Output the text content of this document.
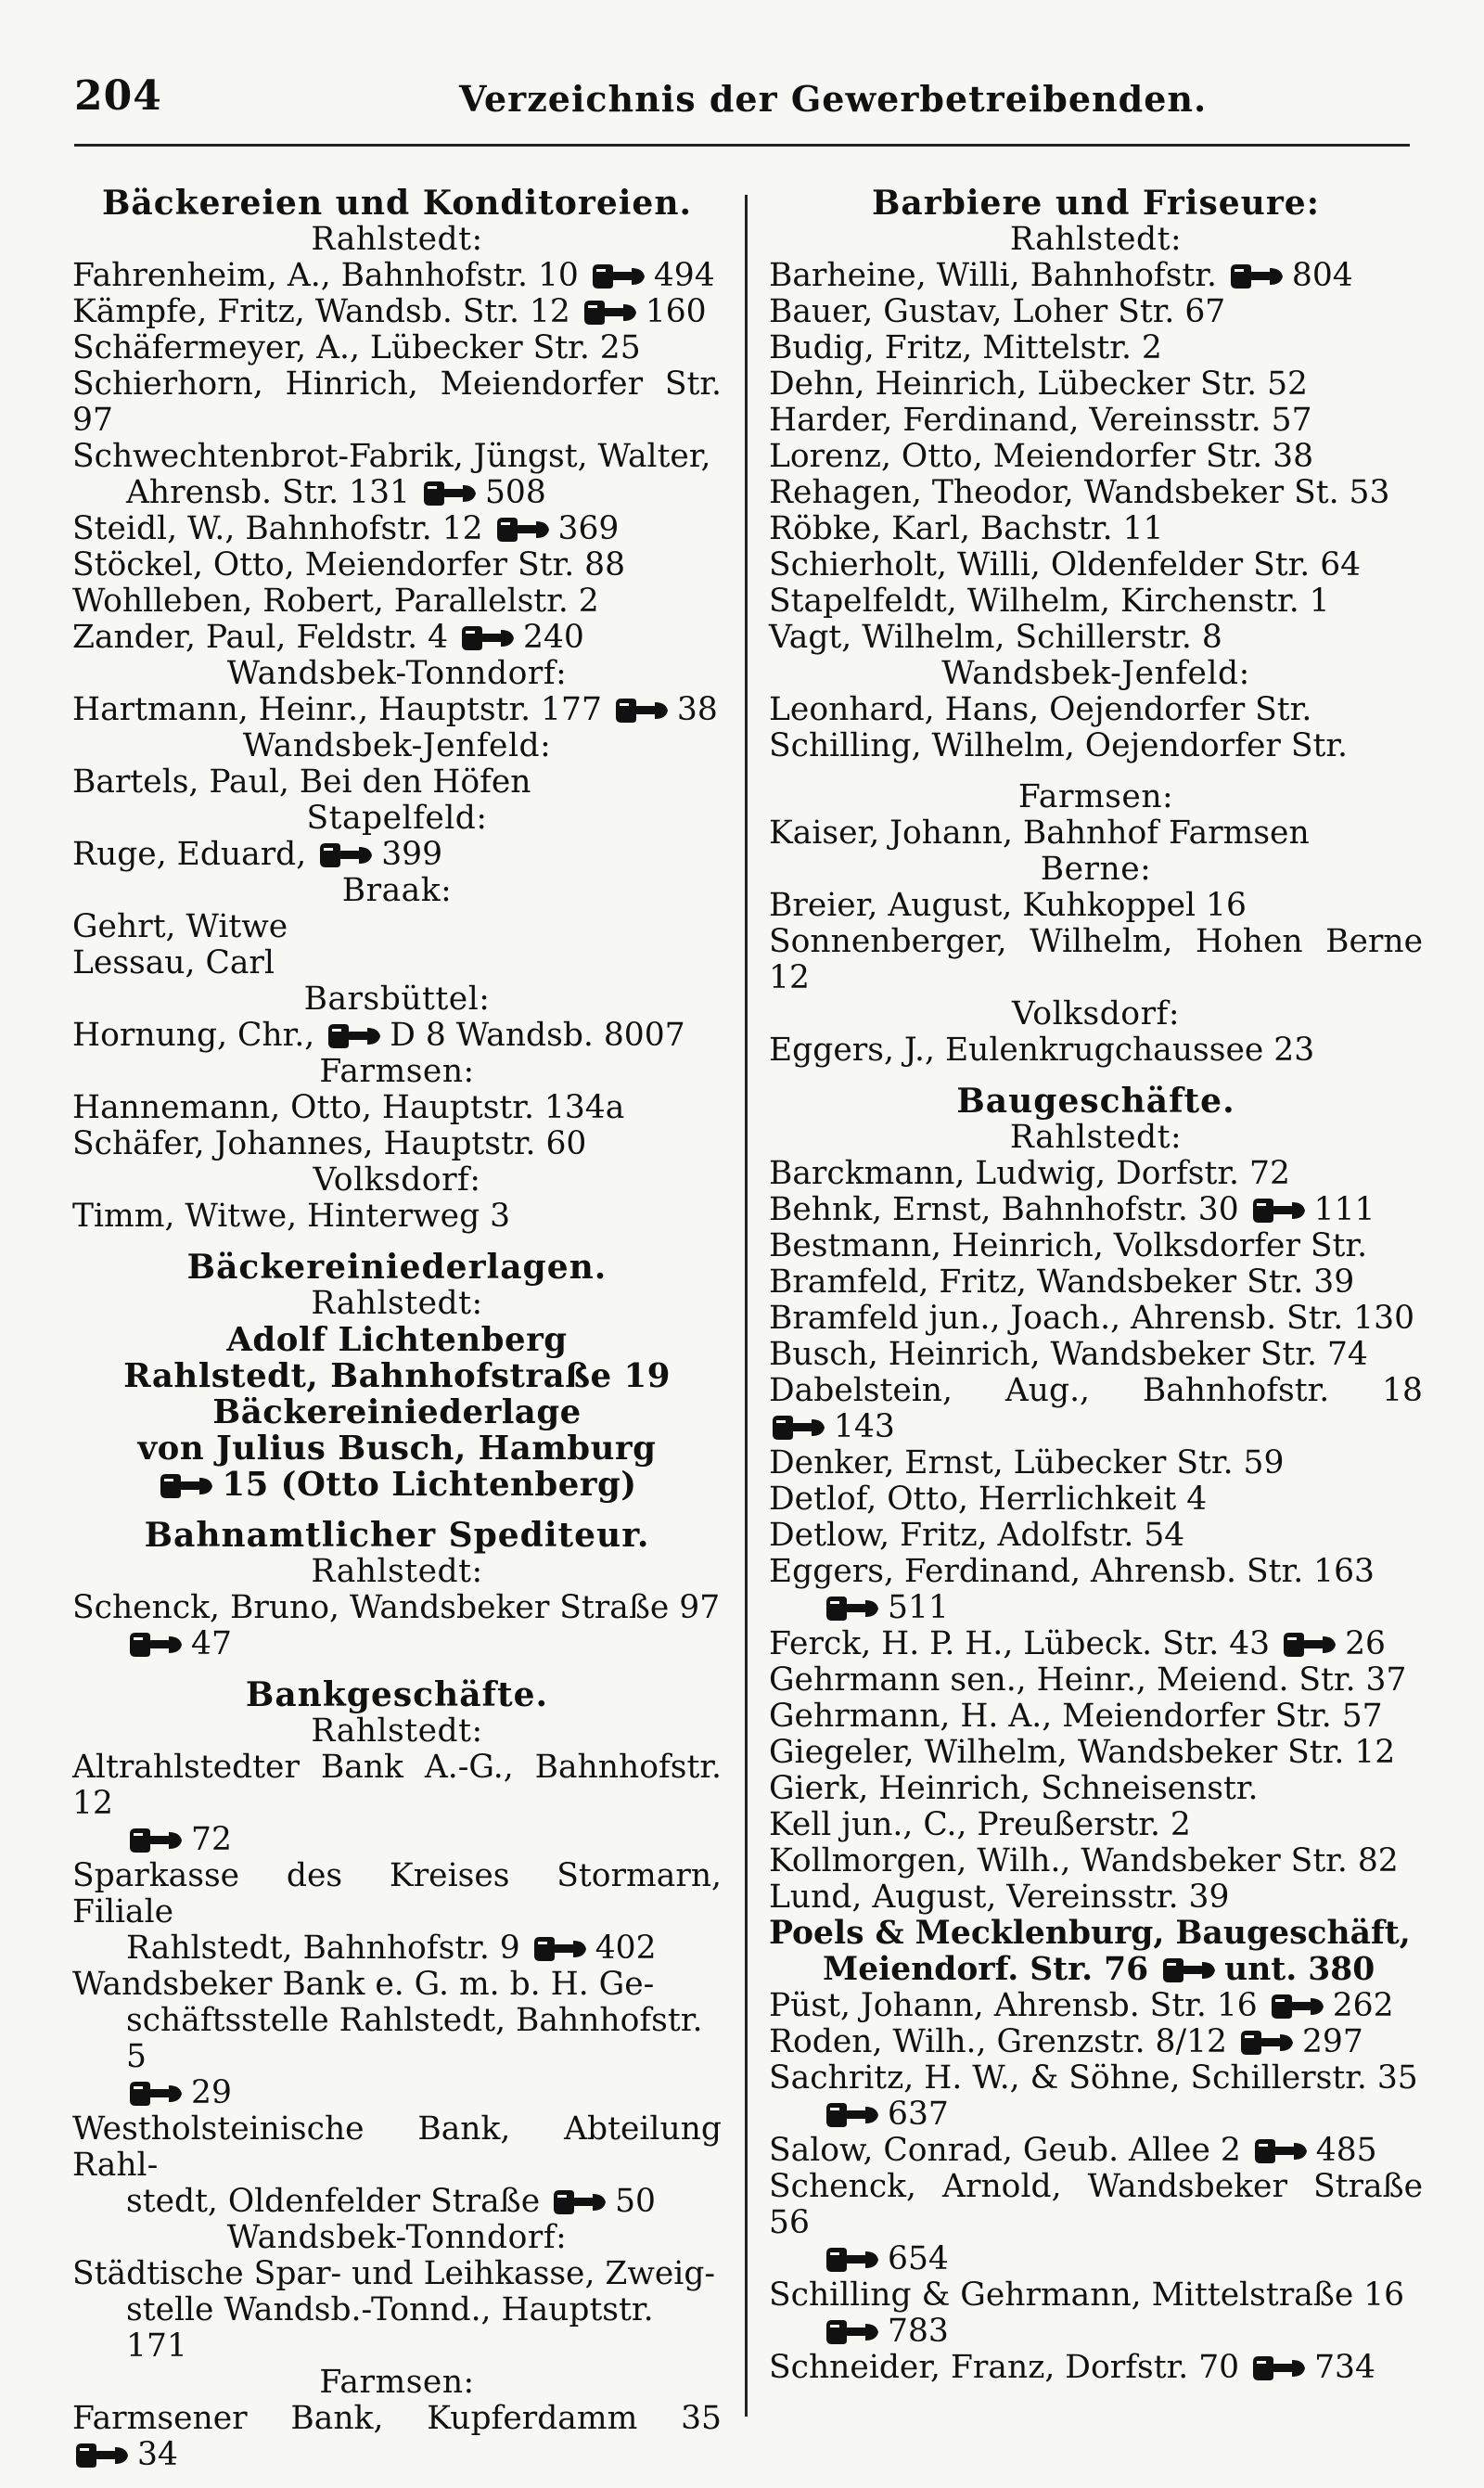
204	Verzeichnis der Gewerbetreibenden.
Bäckereien und Konditoreien.
Rahlstedt:
Fahrenheim, A., Bahnhofstr. 10 494
Kämpfe, Fritz, Wandsb. Str. 12 160
Schäfermeyer, A., Lübecker Str. 25
Schierhorn, Hinrich, Meiendorfer Str. 97
Schwechtenbrot-Fabrik, Jüngst, Walter,
Ahrensb. Str. 131 508
Steidl, W., Bahnhofstr. 12 369
Stöckel, Otto, Meiendorfer Str. 88
Wohlleben, Robert, Parallelstr. 2
Zander, Paul, Feldstr. 4 240
Wandsbek-Tonndorf:
Hartmann, Heinr., Hauptstr. 177 38
Wandsbek-Jenfeld:
Bartels, Paul, Bei den Höfen
Stapelfeld:
Ruge, Eduard, 399
Braak:
Gehrt, Witwe
Lessau, Carl
Barsbüttel:
Hornung, Chr., D 8 Wandsb. 8007
Farmsen:
Hannemann, Otto, Hauptstr. 134a
Schäfer, Johannes, Hauptstr. 60
Volksdorf:
Timm, Witwe, Hinterweg 3
Bäckereiniederlagen.
Rahlstedt:
Adolf Lichtenberg
Rahlstedt, Bahnhofstraße 19
Bäckereiniederlage
von Julius Busch, Hamburg
15 (Otto Lichtenberg)
Bahnamtlicher Spediteur.
Rahlstedt:
Schenck, Bruno, Wandsbeker Straße 97
47
Bankgeschäfte.
Rahlstedt:
Altrahlstedter Bank A.-G., Bahnhofstr. 12
72
Sparkasse des Kreises Stormarn, Filiale
Rahlstedt, Bahnhofstr. 9 402
Wandsbeker Bank e. G. m. b. H. Ge-
schäftsstelle Rahlstedt, Bahnhofstr. 5
29
Westholsteinische Bank, Abteilung Rahl-
stedt, Oldenfelder Straße 50
Wandsbek-Tonndorf:
Städtische Spar- und Leihkasse, Zweig-
stelle Wandsb.-Tonnd., Hauptstr. 171
Farmsen:
Farmsener Bank, Kupferdamm 35
34
Barbiere und Friseure:
Rahlstedt:
Barheine, Willi, Bahnhofstr. 804
Bauer, Gustav, Loher Str. 67
Budig, Fritz, Mittelstr. 2
Dehn, Heinrich, Lübecker Str. 52
Harder, Ferdinand, Vereinsstr. 57
Lorenz, Otto, Meiendorfer Str. 38
Rehagen, Theodor, Wandsbeker St. 53
Röbke, Karl, Bachstr. 11
Schierholt, Willi, Oldenfelder Str. 64
Stapelfeldt, Wilhelm, Kirchenstr. 1
Vagt, Wilhelm, Schillerstr. 8
Wandsbek-Jenfeld:
Leonhard, Hans, Oejendorfer Str.
Schilling, Wilhelm, Oejendorfer Str.
Farmsen:
Kaiser, Johann, Bahnhof Farmsen
Berne:
Breier, August, Kuhkoppel 16
Sonnenberger, Wilhelm, Hohen Berne 12
Volksdorf:
Eggers, J., Eulenkrugchaussee 23
Baugeschäfte.
Rahlstedt:
Barckmann, Ludwig, Dorfstr. 72
Behnk, Ernst, Bahnhofstr. 30 111
Bestmann, Heinrich, Volksdorfer Str.
Bramfeld, Fritz, Wandsbeker Str. 39
Bramfeld jun., Joach., Ahrensb. Str. 130
Busch, Heinrich, Wandsbeker Str. 74
Dabelstein, Aug., Bahnhofstr. 18
143
Denker, Ernst, Lübecker Str. 59
Detlof, Otto, Herrlichkeit 4
Detlow, Fritz, Adolfstr. 54
Eggers, Ferdinand, Ahrensb. Str. 163
511
Ferck, H. P. H., Lübeck. Str. 43 26
Gehrmann sen., Heinr., Meiend. Str. 37
Gehrmann, H. A., Meiendorfer Str. 57
Giegeler, Wilhelm, Wandsbeker Str. 12
Gierk, Heinrich, Schneisenstr.
Kell jun., C., Preußerstr. 2
Kollmorgen, Wilh., Wandsbeker Str. 82
Lund, August, Vereinsstr. 39
Poels & Mecklenburg, Baugeschäft,
Meiendorf. Str. 76 unt. 380
Püst, Johann, Ahrensb. Str. 16 262
Roden, Wilh., Grenzstr. 8/12 297
Sachritz, H. W., & Söhne, Schillerstr. 35
637
Salow, Conrad, Geub. Allee 2 485
Schenck, Arnold, Wandsbeker Straße 56
654
Schilling & Gehrmann, Mittelstraße 16
783
Schneider, Franz, Dorfstr. 70 734
